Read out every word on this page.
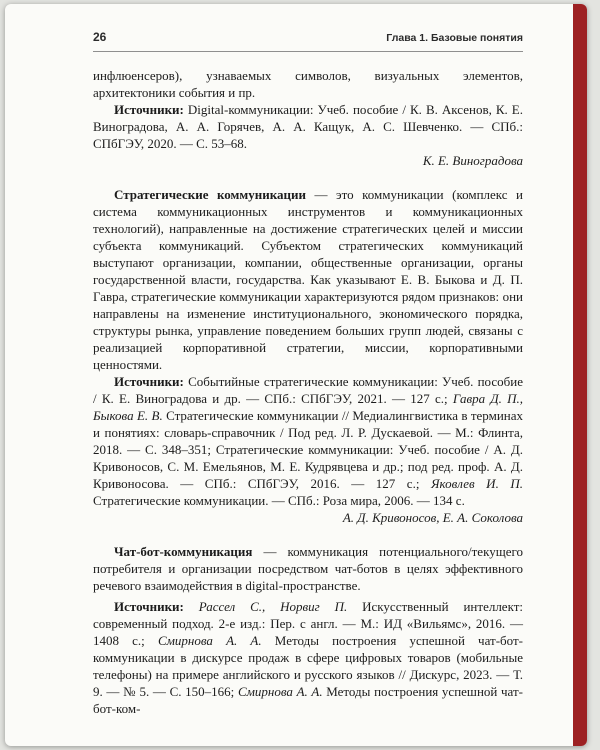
26	Глава 1. Базовые понятия

инфлюенсеров), узнаваемых символов, визуальных элементов, архитектоники события и пр.

Источники: Digital-коммуникации: Учеб. пособие / К. В. Аксенов, К. Е. Виноградова, А. А. Горячев, А. А. Кащук, А. С. Шевченко. — СПб.: СПбГЭУ, 2020. — С. 53–68.

К. Е. Виноградова

Стратегические коммуникации — это коммуникации (комплекс и система коммуникационных инструментов и коммуникационных технологий), направленные на достижение стратегических целей и миссии субъекта коммуникаций. Субъектом стратегических коммуникаций выступают организации, компании, общественные организации, органы государственной власти, государства. Как указывают Е. В. Быкова и Д. П. Гавра, стратегические коммуникации характеризуются рядом признаков: они направлены на изменение институционального, экономического порядка, структуры рынка, управление поведением больших групп людей, связаны с реализацией корпоративной стратегии, миссии, корпоративными ценностями.

Источники: Событийные стратегические коммуникации: Учеб. пособие / К. Е. Виноградова и др. — СПб.: СПбГЭУ, 2021. — 127 с.; Гавра Д. П., Быкова Е. В. Стратегические коммуникации // Медиалингвистика в терминах и понятиях: словарь-справочник / Под ред. Л. Р. Дускаевой. — М.: Флинта, 2018. — С. 348–351; Стратегические коммуникации: Учеб. пособие / А. Д. Кривоносов, С. М. Емельянов, М. Е. Кудрявцева и др.; под ред. проф. А. Д. Кривоносова. — СПб.: СПбГЭУ, 2016. — 127 с.; Яковлев И. П. Стратегические коммуникации. — СПб.: Роза мира, 2006. — 134 с.

А. Д. Кривоносов, Е. А. Соколова

Чат-бот-коммуникация — коммуникация потенциального/текущего потребителя и организации посредством чат-ботов в целях эффективного речевого взаимодействия в digital-пространстве.

Источники: Рассел С., Норвиг П. Искусственный интеллект: современный подход. 2-е изд.: Пер. с англ. — М.: ИД «Вильямс», 2016. — 1408 с.; Смирнова А. А. Методы построения успешной чат-бот-коммуникации в дискурсе продаж в сфере цифровых товаров (мобильные телефоны) на примере английского и русского языков // Дискурс, 2023. — Т. 9. — № 5. — С. 150–166; Смирнова А. А. Методы построения успешной чат-бот-ком-
